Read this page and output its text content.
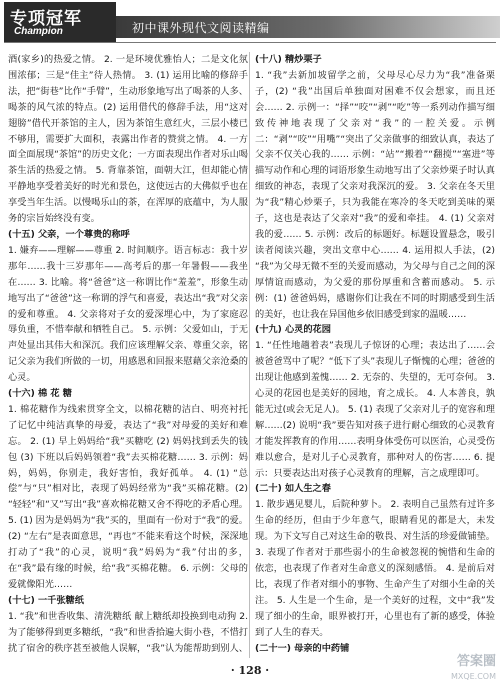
专项冠军
Champion	初中课外现代文阅读精编

酒(家乡)的热爱之情。 2. 一是环境优雅怡人；二是文化氛围浓郁；三是“佳主”待人热情。 3. (1) 运用比喻的修辞手法，把“街巷”比作“手臂”，生动形象地写出了喝茶的人多、喝茶的风气浓的特点。(2) 运用借代的修辞手法，用“这对翅膀”借代开茶馆的主人，因为茶馆生意红火，三层小楼已不够用，需要扩大面积，表露出作者的赞赏之情。 4. 一方面全面展现“茶馆”的历史文化；一方面表现出作者对乐山喝茶生活的热爱之情。 5. 背靠茶馆，面朝大江，但却能心情平静地享受着美好的时光和景色，这使远古的大佛似乎也在享受当年生活。以慢喝乐山的茶，在浑厚的底蕴中，为人服务的宗旨始终没有变。

(十五) 父亲，一个尊贵的称呼

1. 嫌弃——理解——尊重 2. 时间顺序。语言标志：我十岁那年……我十三岁那年——高考后的那一年暑假——我坐在…… 3. 比喻。将“爸爸”这一称谓比作“羞羞”，形象生动地写出了“爸爸”这一称谓的浮气和喜爱，表达出“我”对父亲的爱和尊重。 4. 父亲将对子女的爱深埋心中，为了家庭忍辱负重，不惜奉献和牺牲自己。 5. 示例：父爱如山，于无声处显出其伟大和深沉。我们应该理解父亲、尊重父亲，铭记父亲为我们所做的一切，用感恩和回报来慰藉父亲沧桑的心灵。

(十六) 棉 花 糖

1. 棉花糖作为线索贯穿全文，以棉花糖的洁白、明亮衬托了记忆中纯洁真挚的母爱，表达了“我”对母爱的美好和难忘。 2. (1) 早上妈妈给“我”买糖吃 (2) 妈妈找到丢失的钱包 (3) 下班以后妈妈领着“我”去买棉花糖…… 3. 示例：妈妈，妈妈，你别走，我好害怕，我好孤单。 4. (1) “总偿”与“只”相对比，表现了妈妈经常为“我”买棉花糖。(2) “轻轻”和“又”写出“我”喜欢棉花糖又舍不得吃的矛盾心理。 5. (1) 因为是妈妈为“我”买的，里面有一份对于“我”的爱。(2) “左右”是表面意思，“再也”不能来看这个时候，深深地打动了“我”的心灵，说明“我”妈妈为“我”付出的多，在“我”最有缘的时候，给“我”买棉花糖。 6. 示例：父母的爱就像阳光……

(十七) 一千张糖纸

1. “我”和世香收集、清洗糖纸 献上糖纸却投换到电动狗 2. 为了能够得到更多糖纸，“我”和世香拾遍大街小巷，不惜打扰了宿舍的秩序甚至被他人误解，“我”认为能帮助到别人、

(十八) 精炒栗子

1. “我”去新加坡留学之前，父母尽心尽力为“我”准备栗子，(2) “我”出国后单独面对困难不仅会想家，而且还会…… 2. 示例一：“择”“咬”“剥”“吃”等一系列动作描写细致传神地表现了父亲对“我”的一腔关爱。示例二：“剥”“咬”“用嘴”“突出了父亲做事的细致认真，表达了父亲不仅关心我的…… 示例：“站”“搬着”“翻搅”“塞进”等描写动作和心理的词语形象生动地写出了父亲炒栗子时认真细致的神态，表现了父亲对我深沉的爱。 3. 父亲在冬天里为“我”精心炒栗子，只为我能在寒冷的冬天吃到美味的栗子，这也是表达了父亲对“我”的爱和牵挂。 4. (1) 父亲对我的爱…… 5. 示例：改后的标题好。标题设置悬念，吸引读者阅读兴趣，突出文章中心…… 4. 运用拟人手法，(2) “我”为父母无微不至的关爱而感动，为父母与自己之间的深厚情谊而感动，为父爱的那份厚重和含蓄而感动。 5. 示例：(1) 爸爸妈妈，感谢你们让我在不同的时期感受到生活的美好，也让我在异国他乡依旧感受到家的温暖……

(十九) 心灵的花园

1. “任性地趟着表”表现儿子惊讶的心理；表达出了……会被爸爸骂中了呢？“低下了头”表现儿子惭愧的心理；爸爸的出现让他感到羞愧…… 2. 无奈的、失望的，无可奈何。 3. 心灵的花园也是美好的园地，育之成长。 4. 人本善良，孰能无过(或会无足人)。 5. (1) 表现了父亲对儿子的宽容和理解……(2) 说明“我”要告知对孩子进行耐心细致的心灵教育才能发挥教育的作用……表明身体受伤可以医治，心灵受伤难以愈合，是对儿子心灵教育，那种对人的伤害…… 6. 提示：只要表达出对孩子心灵教育的理解，言之成理即可。

(二十) 如人生之春

1. 散步遇见婴儿，后院种萝卜。 2. 表明自己虽然有过许多生命的经历，但由于少年意气，眼睛看见的都是大，未发现。为下文写自己对这生命的敬畏、对生活的珍爱做铺垫。 3. 表现了作者对于那些弱小的生命被忽视的惋惜和生命的依恋，也表现了作者对生命意义的深刻感悟。 4. 是前后对比，表现了作者对细小的事物、生命产生了对细小生命的关注。 5. 人生是一个生命，是一个美好的过程，文中“我”发现了细小的生命，眼界被打开，心里也有了新的感受，体验到了人生的春天。

(二十一) 母亲的中药铺

· 128 ·
答案圈
MXQE.COM
